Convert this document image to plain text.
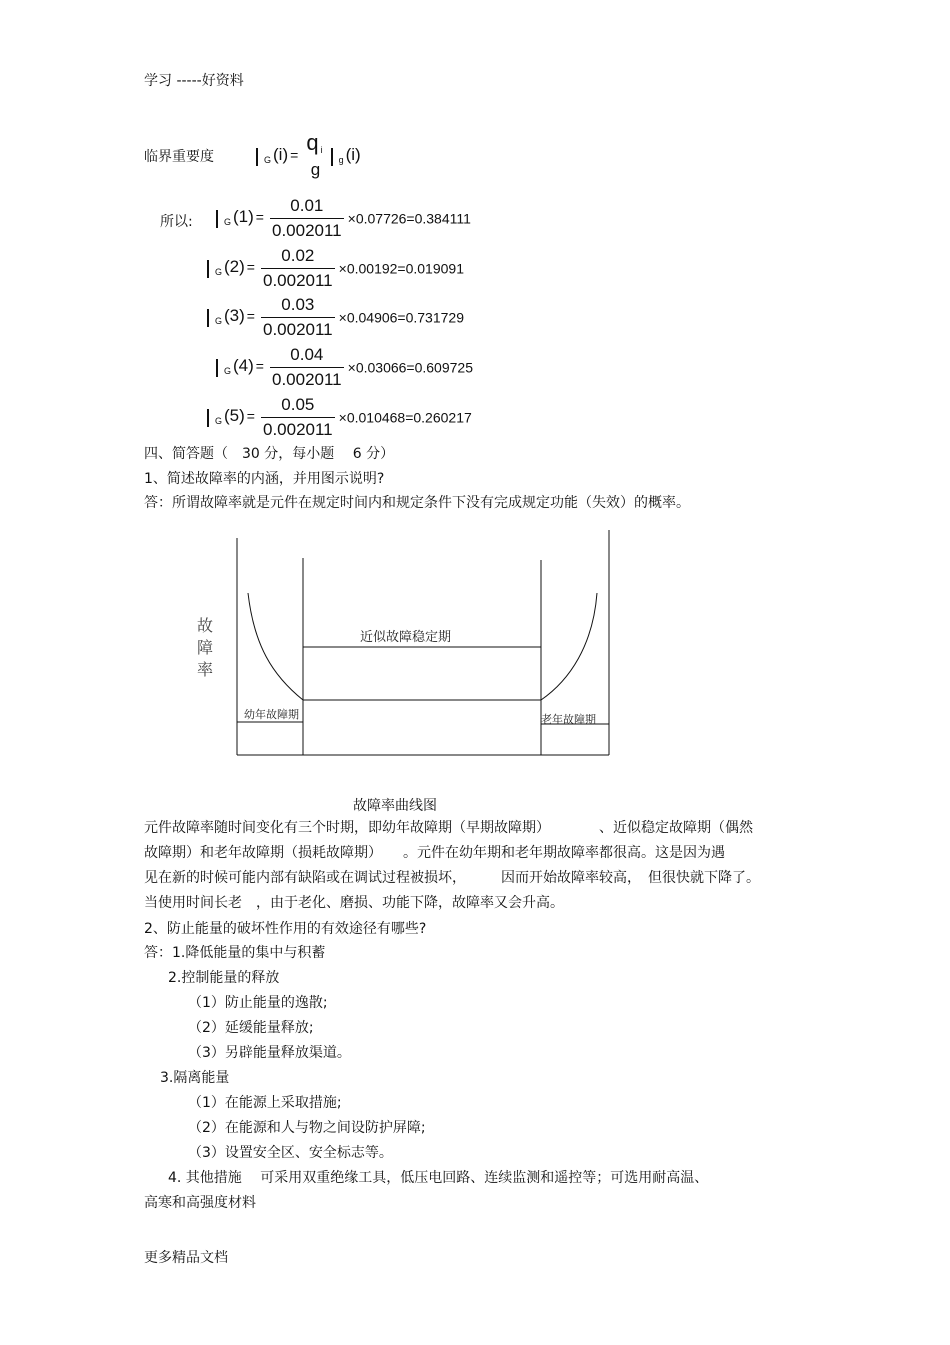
学习 -----好资料
临界重要度	$_G$ (i) =
q $_i$
g $_g$ (i)
所以:	$_G$ $(1) = \frac{0.01}{0.002011} \times 0.07726=0.384111$
$_G$ $(2) = \frac{0.02}{0.002011} \times 0.00192=0.019091$
$_G$ $(3) = \frac{0.03}{0.002011} \times 0.04906=0.731729$
$_G$ $(4) = \frac{0.04}{0.002011} \times 0.03066=0.609725$
$_G$ $(5) = \frac{0.05}{0.002011} \times 0.010468=0.260217$
四、简答题（　30 分，每小题　 6 分）
1、简述故障率的内涵，并用图示说明?
答：所谓故障率就是元件在规定时间内和规定条件下没有完成规定功能（失效）的概率。
故
障
率
近似故障稳定期
幼年故障期	老年故障期
故障率曲线图
元件故障率随时间变化有三个时期，即幼年故障期（早期故障期）　　　　、近似稳定故障期（偶然
故障期）和老年故障期（损耗故障期）　　。元件在幼年期和老年期故障率都很高。这是因为遇
见在新的时候可能内部有缺陷或在调试过程被损坏，　　　因而开始故障率较高，　但很快就下降了。
当使用时间长老　，由于老化、磨损、功能下降，故障率又会升高。
2、防止能量的破坏性作用的有效途径有哪些?
答：1.降低能量的集中与积蓄
2.控制能量的释放
（1）防止能量的逸散;
（2）延缓能量释放;
（3）另辟能量释放渠道。
3.隔离能量
（1）在能源上采取措施;
（2）在能源和人与物之间设防护屏障;
（3）设置安全区、安全标志等。
4. 其他措施　 可采用双重绝缘工具，低压电回路、连续监测和遥控等；可选用耐高温、
高寒和高强度材料
更多精品文档
